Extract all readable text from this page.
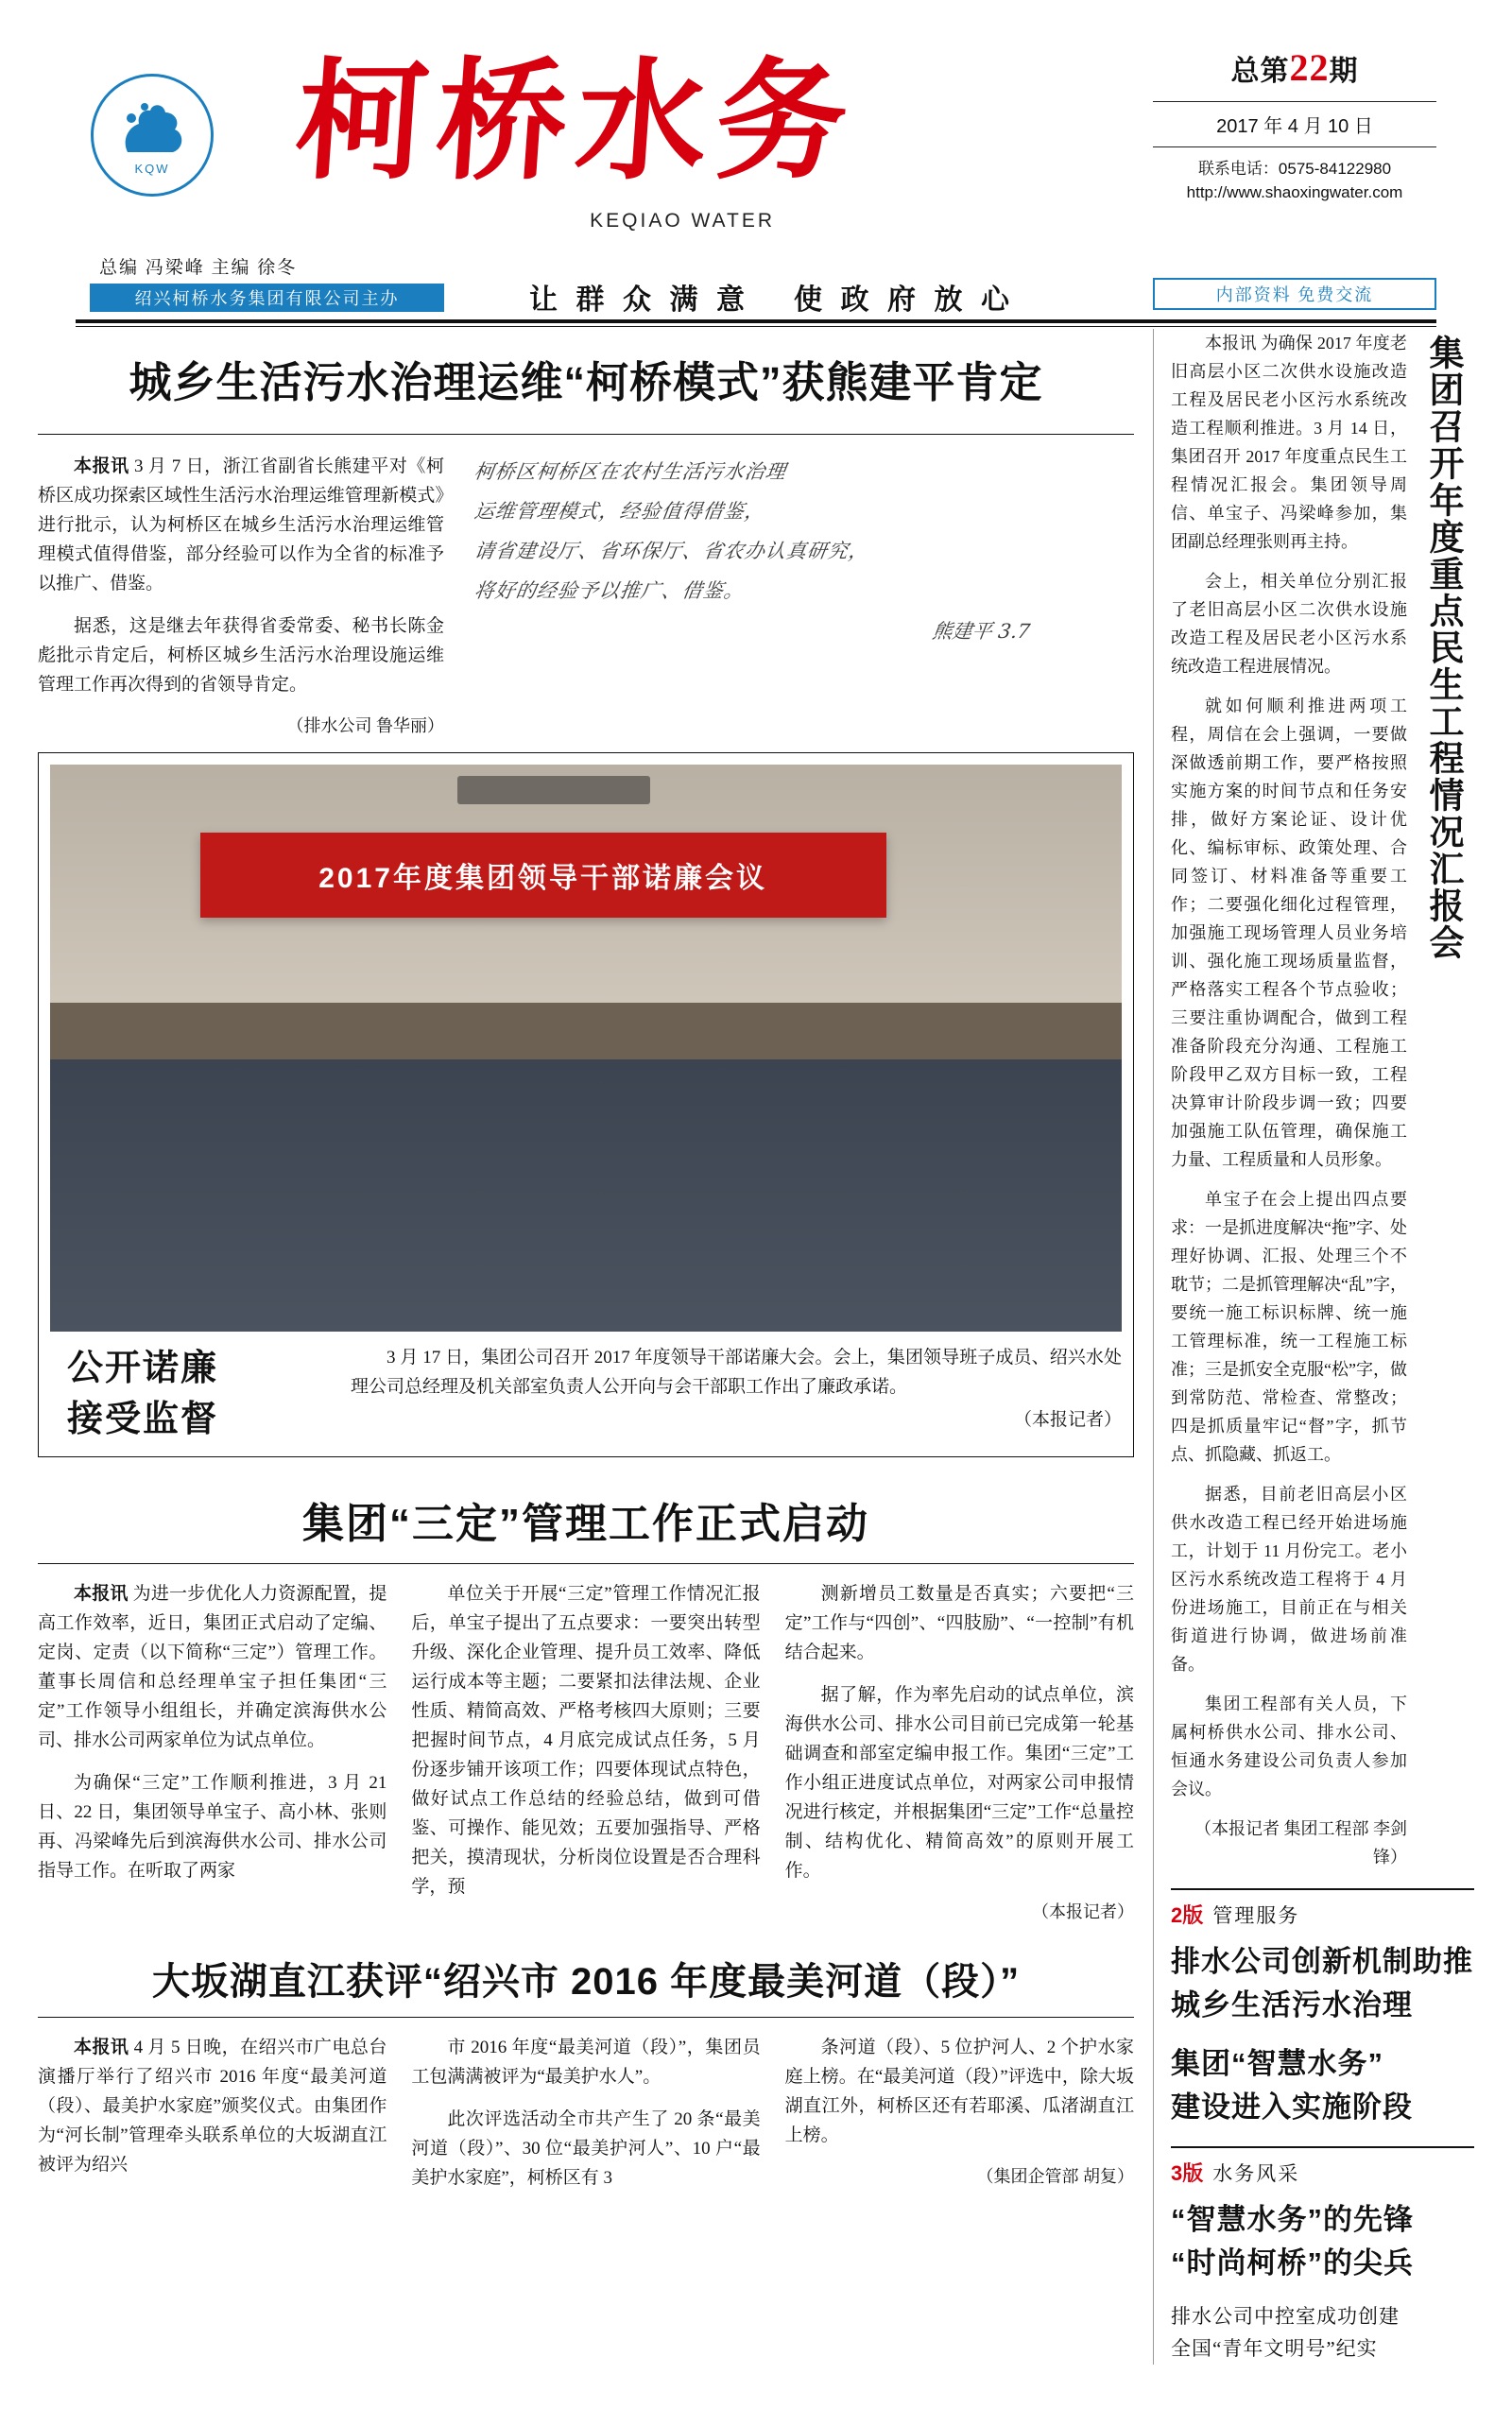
KQW 柯桥水务
KEQIAO WATER
总第22期
2017 年 4 月 10 日
联系电话：0575-84122980
http://www.shaoxingwater.com
总编 冯梁峰 主编 徐冬
绍兴柯桥水务集团有限公司主办	让 群 众 满 意 使 政 府 放 心	内部资料 免费交流
城乡生活污水治理运维“柯桥模式”获熊建平肯定

本报讯 3 月 7 日，浙江省副省长熊建平对《柯桥区成功探索区域性生活污水治理运维管理新模式》进行批示，认为柯桥区在城乡生活污水治理运维管理模式值得借鉴，部分经验可以作为全省的标准予以推广、借鉴。

据悉，这是继去年获得省委常委、秘书长陈金彪批示肯定后，柯桥区城乡生活污水治理设施运维管理工作再次得到的省领导肯定。

（排水公司 鲁华丽）
柯桥区柯桥区在农村生活污水治理
运维管理模式，经验值得借鉴，
请省建设厅、省环保厅、省农办认真研究，
将好的经验予以推广、借鉴。
熊建平 3.7
2017年度集团领导干部诺廉会议
公开诺廉
接受监督
3 月 17 日，集团公司召开 2017 年度领导干部诺廉大会。会上，集团领导班子成员、绍兴水处理公司总经理及机关部室负责人公开向与会干部职工作出了廉政承诺。
（本报记者）
集团“三定”管理工作正式启动

本报讯 为进一步优化人力资源配置，提高工作效率，近日，集团正式启动了定编、定岗、定责（以下简称“三定”）管理工作。董事长周信和总经理单宝子担任集团“三定”工作领导小组组长，并确定滨海供水公司、排水公司两家单位为试点单位。

为确保“三定”工作顺利推进，3 月 21 日、22 日，集团领导单宝子、高小林、张则再、冯梁峰先后到滨海供水公司、排水公司指导工作。在听取了两家

单位关于开展“三定”管理工作情况汇报后，单宝子提出了五点要求：一要突出转型升级、深化企业管理、提升员工效率、降低运行成本等主题；二要紧扣法律法规、企业性质、精简高效、严格考核四大原则；三要把握时间节点，4 月底完成试点任务，5 月份逐步铺开该项工作；四要体现试点特色，做好试点工作总结的经验总结，做到可借鉴、可操作、能见效；五要加强指导、严格把关，摸清现状，分析岗位设置是否合理科学，预

测新增员工数量是否真实；六要把“三定”工作与“四创”、“四肢励”、“一控制”有机结合起来。

据了解，作为率先启动的试点单位，滨海供水公司、排水公司目前已完成第一轮基础调查和部室定编申报工作。集团“三定”工作小组正进度试点单位，对两家公司申报情况进行核定，并根据集团“三定”工作“总量控制、结构优化、精简高效”的原则开展工作。

（本报记者）
大坂湖直江获评“绍兴市 2016 年度最美河道（段）”

本报讯 4 月 5 日晚，在绍兴市广电总台演播厅举行了绍兴市 2016 年度“最美河道（段）、最美护水家庭”颁奖仪式。由集团作为“河长制”管理牵头联系单位的大坂湖直江被评为绍兴

市 2016 年度“最美河道（段）”，集团员工包满满被评为“最美护水人”。

此次评选活动全市共产生了 20 条“最美河道（段）”、30 位“最美护河人”、10 户“最美护水家庭”，柯桥区有 3

条河道（段）、5 位护河人、2 个护水家庭上榜。在“最美河道（段）”评选中，除大坂湖直江外，柯桥区还有若耶溪、瓜渚湖直江上榜。

（集团企管部 胡复）
集团召开年度重点民生工程情况汇报会

本报讯 为确保 2017 年度老旧高层小区二次供水设施改造工程及居民老小区污水系统改造工程顺利推进。3 月 14 日，集团召开 2017 年度重点民生工程情况汇报会。集团领导周信、单宝子、冯梁峰参加，集团副总经理张则再主持。

会上，相关单位分别汇报了老旧高层小区二次供水设施改造工程及居民老小区污水系统改造工程进展情况。

就如何顺利推进两项工程，周信在会上强调，一要做深做透前期工作，要严格按照实施方案的时间节点和任务安排，做好方案论证、设计优化、编标审标、政策处理、合同签订、材料准备等重要工作；二要强化细化过程管理，加强施工现场管理人员业务培训、强化施工现场质量监督，严格落实工程各个节点验收；三要注重协调配合，做到工程准备阶段充分沟通、工程施工阶段甲乙双方目标一致，工程决算审计阶段步调一致；四要加强施工队伍管理，确保施工力量、工程质量和人员形象。

单宝子在会上提出四点要求：一是抓进度解决“拖”字、处理好协调、汇报、处理三个不耽节；二是抓管理解决“乱”字，要统一施工标识标牌、统一施工管理标准，统一工程施工标准；三是抓安全克服“松”字，做到常防范、常检查、常整改；四是抓质量牢记“督”字，抓节点、抓隐藏、抓返工。

据悉，目前老旧高层小区供水改造工程已经开始进场施工，计划于 11 月份完工。老小区污水系统改造工程将于 4 月份进场施工，目前正在与相关街道进行协调，做进场前准备。

集团工程部有关人员，下属柯桥供水公司、排水公司、恒通水务建设公司负责人参加会议。

（本报记者 集团工程部 李剑锋）

2版 管理服务
排水公司创新机制助推
城乡生活污水治理
集团“智慧水务”
建设进入实施阶段
3版 水务风采
“智慧水务”的先锋
“时尚柯桥”的尖兵
排水公司中控室成功创建
全国“青年文明号”纪实
